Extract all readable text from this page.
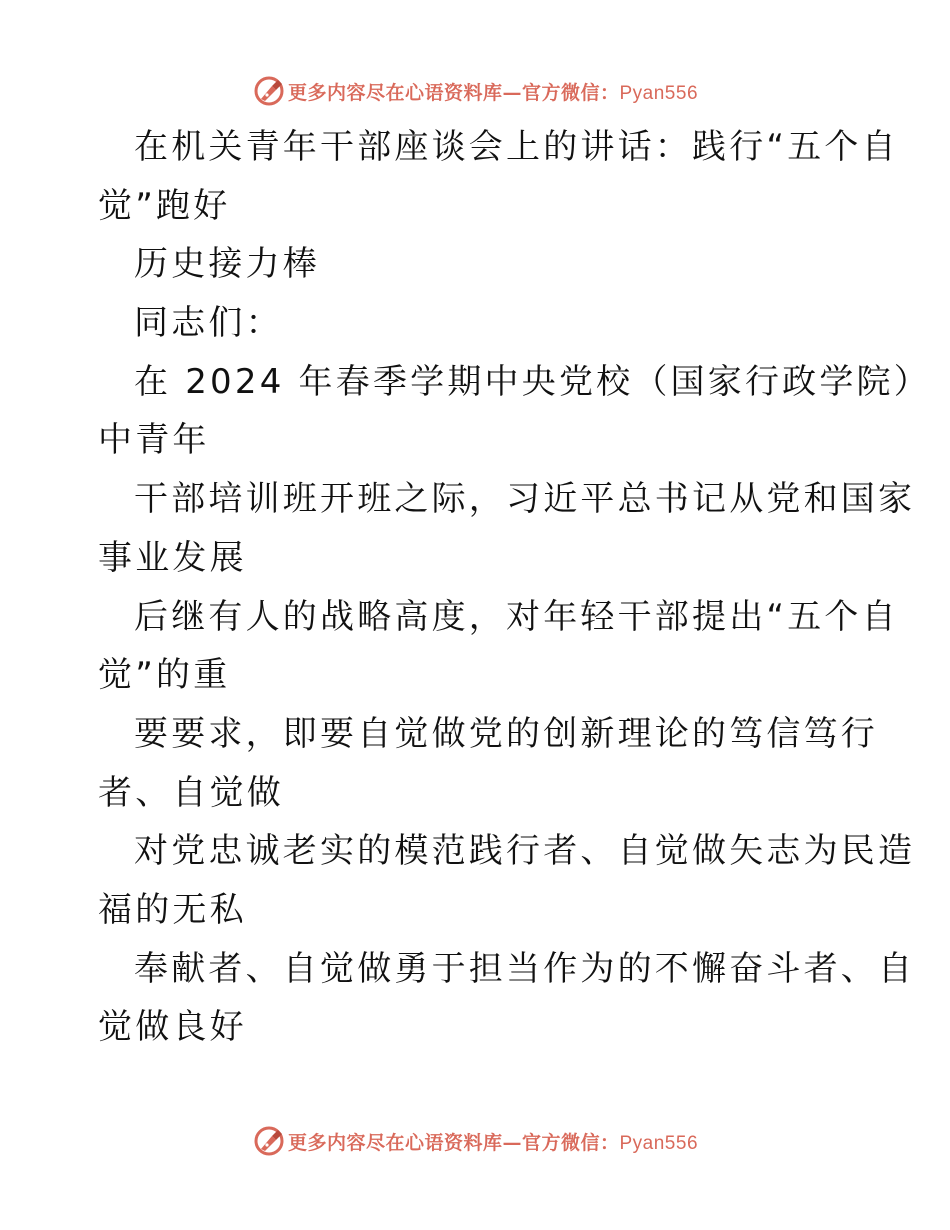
更多内容尽在心语资料库—官方微信：Pyan556
在机关青年干部座谈会上的讲话：践行“五个自
觉”跑好
历史接力棒
同志们：
在 2024 年春季学期中央党校（国家行政学院）
中青年
干部培训班开班之际，习近平总书记从党和国家
事业发展
后继有人的战略高度，对年轻干部提出“五个自
觉”的重
要要求，即要自觉做党的创新理论的笃信笃行
者、自觉做
对党忠诚老实的模范践行者、自觉做矢志为民造
福的无私
奉献者、自觉做勇于担当作为的不懈奋斗者、自
觉做良好
更多内容尽在心语资料库—官方微信：Pyan556
